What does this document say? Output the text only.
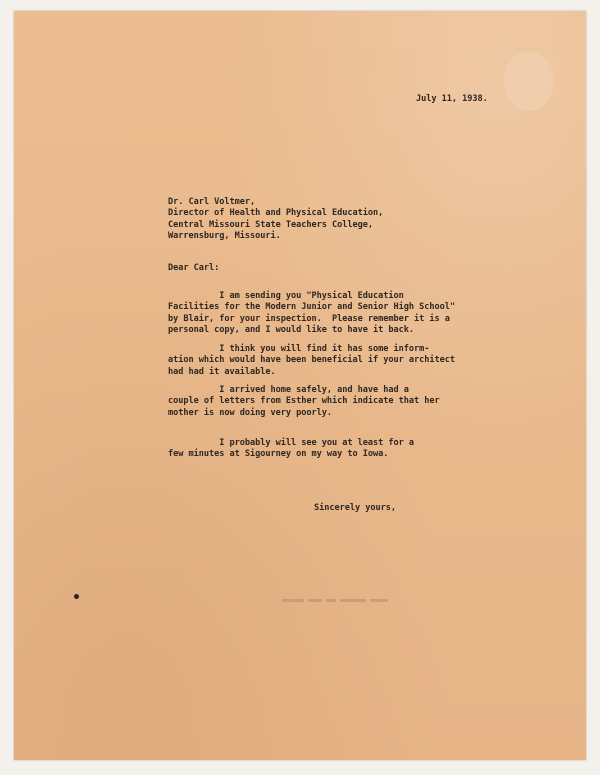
July 11, 1938.
Dr. Carl Voltmer,
Director of Health and Physical Education,
Central Missouri State Teachers College,
Warrensburg, Missouri.
Dear Carl:
I am sending you "Physical Education
Facilities for the Modern Junior and Senior High School"
by Blair, for your inspection.  Please remember it is a
personal copy, and I would like to have it back.
I think you will find it has some inform-
ation which would have been beneficial if your architect
had had it available.
I arrived home safely, and have had a
couple of letters from Esther which indicate that her
mother is now doing very poorly.
I probably will see you at least for a
few minutes at Sigourney on my way to Iowa.
Sincerely yours,
